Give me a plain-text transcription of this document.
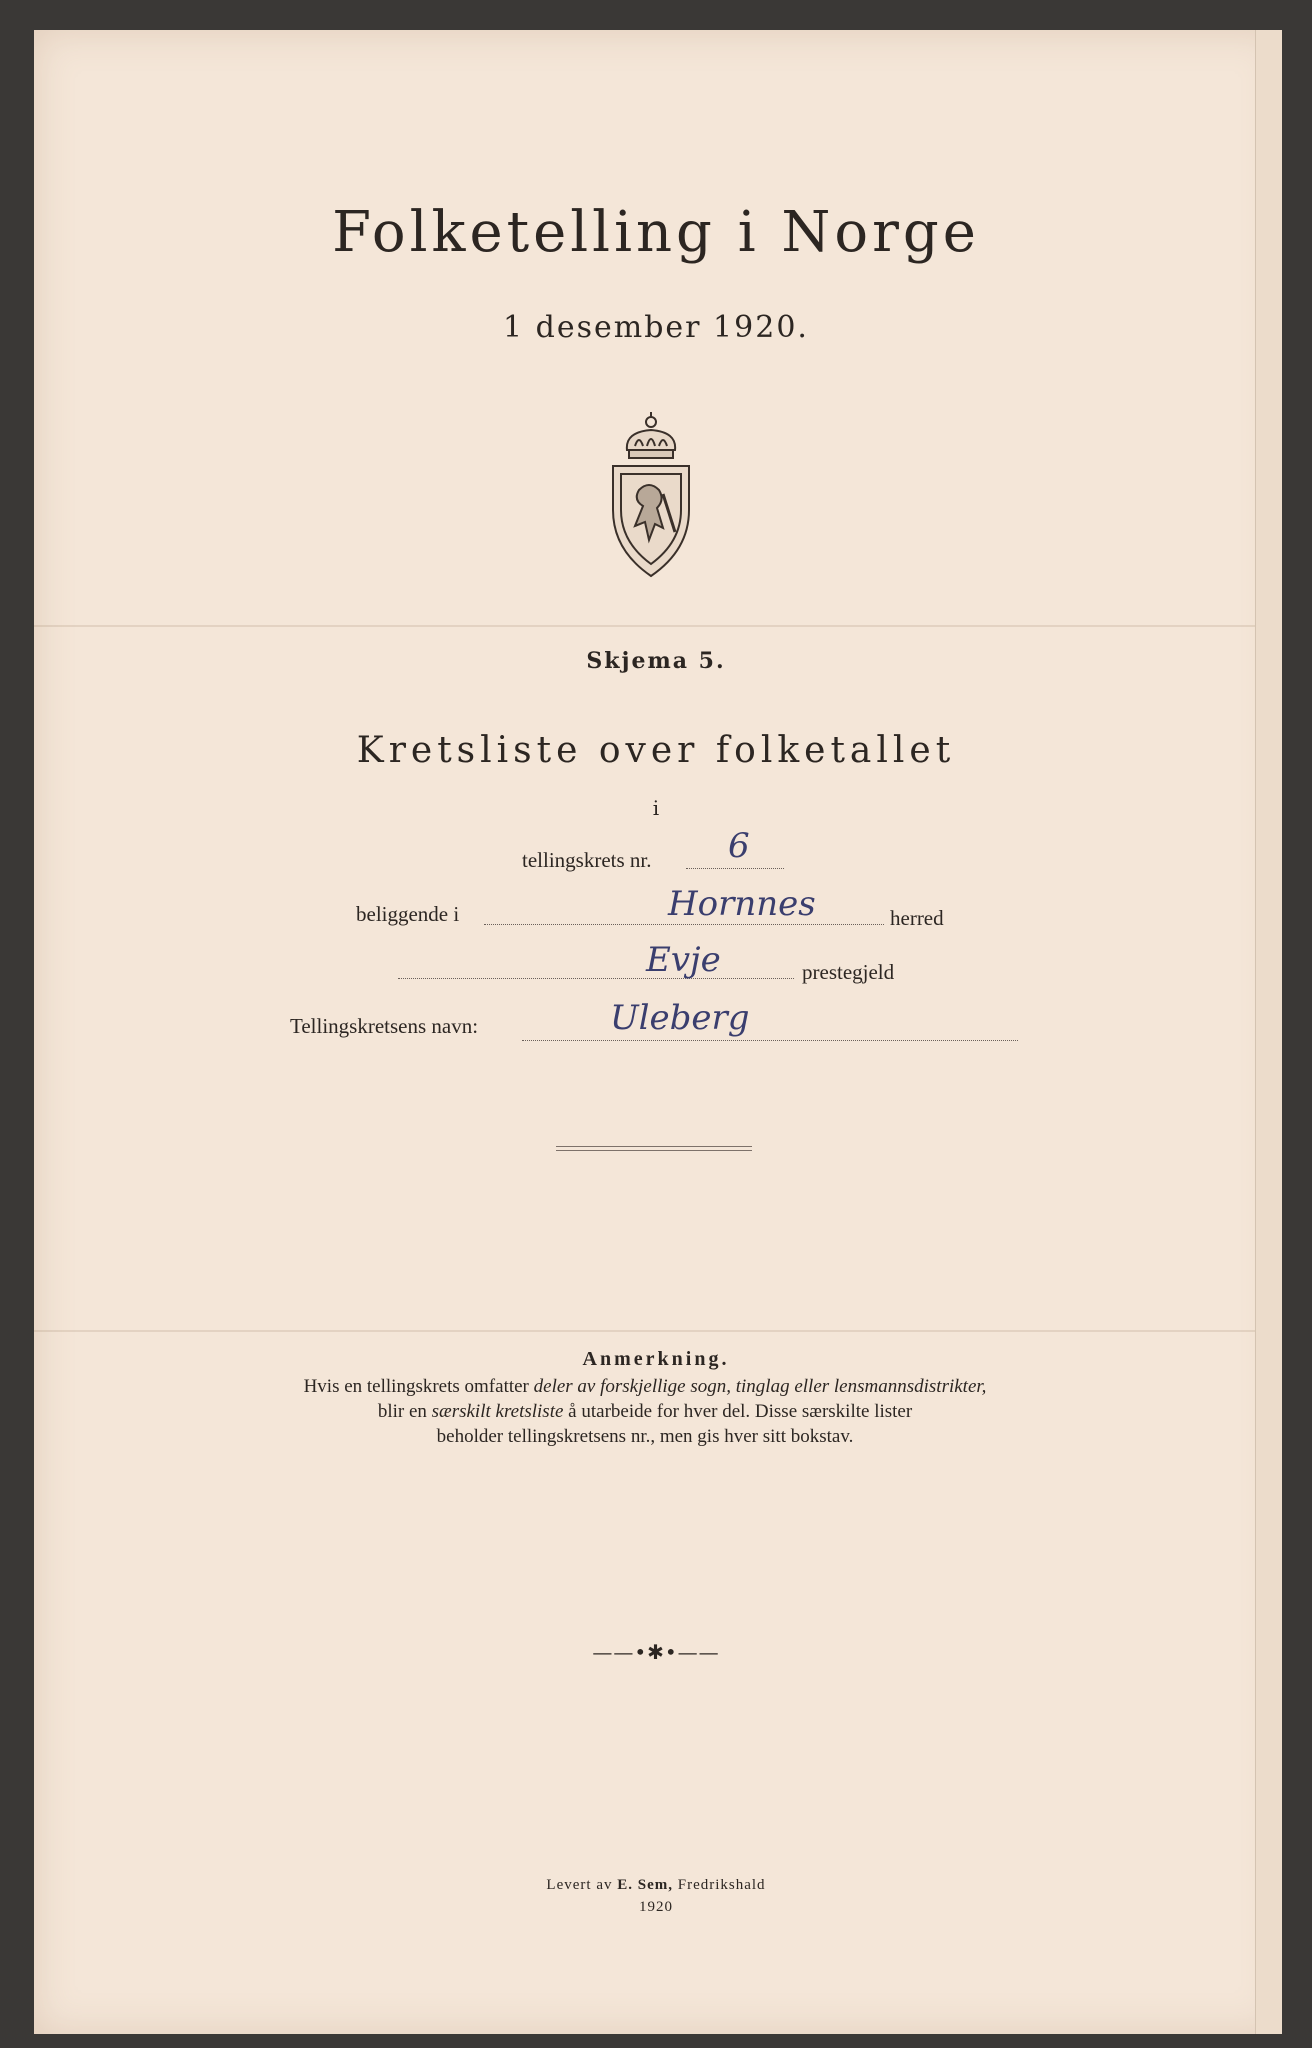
Folketelling i Norge
1 desember 1920.
Skjema 5.
Kretsliste over folketallet
i
tellingskrets nr. 6
beliggende i	Hornnes	herred
Evje	prestegjeld
Tellingskretsens navn:	Uleberg
Anmerkning.
Hvis en tellingskrets omfatter deler av forskjellige sogn, tinglag eller lensmannsdistrikter,
blir en særskilt kretsliste å utarbeide for hver del. Disse særskilte lister
beholder tellingskretsens nr., men gis hver sitt bokstav.
——•✱•——
Levert av E. Sem, Fredrikshald
1920
